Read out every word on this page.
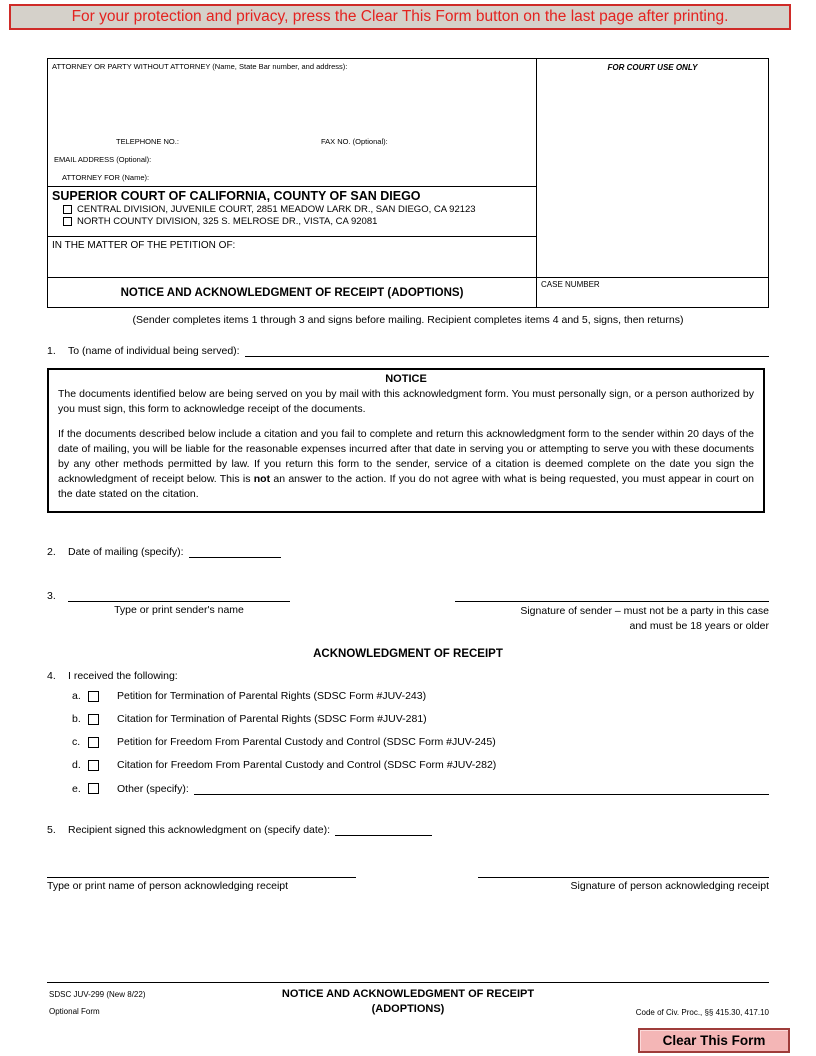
For your protection and privacy, press the Clear This Form button on the last page after printing.
ATTORNEY OR PARTY WITHOUT ATTORNEY (Name, State Bar number, and address):
TELEPHONE NO.:	FAX NO. (Optional):
EMAIL ADDRESS (Optional):
ATTORNEY FOR (Name):
FOR COURT USE ONLY
SUPERIOR COURT OF CALIFORNIA, COUNTY OF SAN DIEGO
CENTRAL DIVISION, JUVENILE COURT, 2851 MEADOW LARK DR., SAN DIEGO, CA 92123
NORTH COUNTY DIVISION, 325 S. MELROSE DR., VISTA, CA 92081
IN THE MATTER OF THE PETITION OF:
NOTICE AND ACKNOWLEDGMENT OF RECEIPT (ADOPTIONS)
CASE NUMBER
(Sender completes items 1 through 3 and signs before mailing. Recipient completes items 4 and 5, signs, then returns)
1.	To (name of individual being served):
NOTICE

The documents identified below are being served on you by mail with this acknowledgment form. You must personally sign, or a person authorized by you must sign, this form to acknowledge receipt of the documents.

If the documents described below include a citation and you fail to complete and return this acknowledgment form to the sender within 20 days of the date of mailing, you will be liable for the reasonable expenses incurred after that date in serving you or attempting to serve you with these documents by any other methods permitted by law. If you return this form to the sender, service of a citation is deemed complete on the date you sign the acknowledgment of receipt below. This is not an answer to the action. If you do not agree with what is being requested, you must appear in court on the date stated on the citation.

2.	Date of mailing (specify):
3.
Type or print sender's name	Signature of sender – must not be a party in this case
and must be 18 years or older
ACKNOWLEDGMENT OF RECEIPT
4.	I received the following:
a.	Petition for Termination of Parental Rights (SDSC Form #JUV-243)
b.	Citation for Termination of Parental Rights (SDSC Form #JUV-281)
c.	Petition for Freedom From Parental Custody and Control (SDSC Form #JUV-245)
d.	Citation for Freedom From Parental Custody and Control (SDSC Form #JUV-282)
e.	Other (specify):
5.	Recipient signed this acknowledgment on (specify date):
Type or print name of person acknowledging receipt	Signature of person acknowledging receipt
SDSC JUV-299 (New 8/22)
Optional Form
NOTICE AND ACKNOWLEDGMENT OF RECEIPT
(ADOPTIONS)	Code of Civ. Proc., §§ 415.30, 417.10
Clear This Form
